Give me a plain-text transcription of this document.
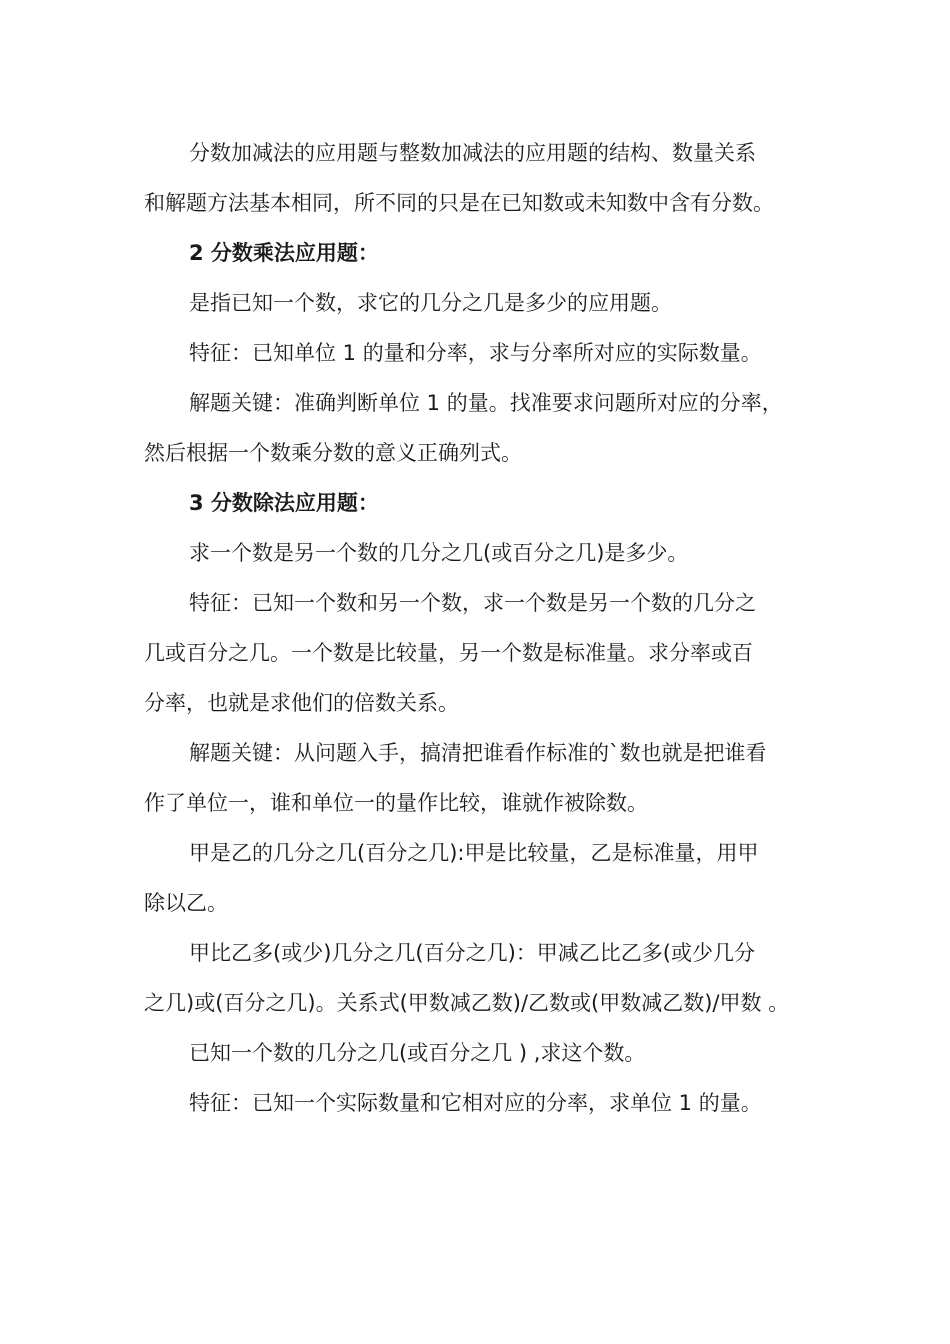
分数加减法的应用题与整数加减法的应用题的结构、数量关系
和解题方法基本相同，所不同的只是在已知数或未知数中含有分数。
2 分数乘法应用题：
是指已知一个数，求它的几分之几是多少的应用题。
特征：已知单位 1 的量和分率，求与分率所对应的实际数量。
解题关键：准确判断单位 1 的量。找准要求问题所对应的分率，
然后根据一个数乘分数的意义正确列式。
3 分数除法应用题：
求一个数是另一个数的几分之几(或百分之几)是多少。
特征：已知一个数和另一个数，求一个数是另一个数的几分之
几或百分之几。一个数是比较量，另一个数是标准量。求分率或百
分率，也就是求他们的倍数关系。
解题关键：从问题入手，搞清把谁看作标准的`数也就是把谁看
作了单位一，谁和单位一的量作比较，谁就作被除数。
甲是乙的几分之几(百分之几):甲是比较量，乙是标准量，用甲
除以乙。
甲比乙多(或少)几分之几(百分之几)：甲减乙比乙多(或少几分
之几)或(百分之几)。关系式(甲数减乙数)/乙数或(甲数减乙数)/甲数 。
已知一个数的几分之几(或百分之几 ) ,求这个数。
特征：已知一个实际数量和它相对应的分率，求单位 1 的量。
